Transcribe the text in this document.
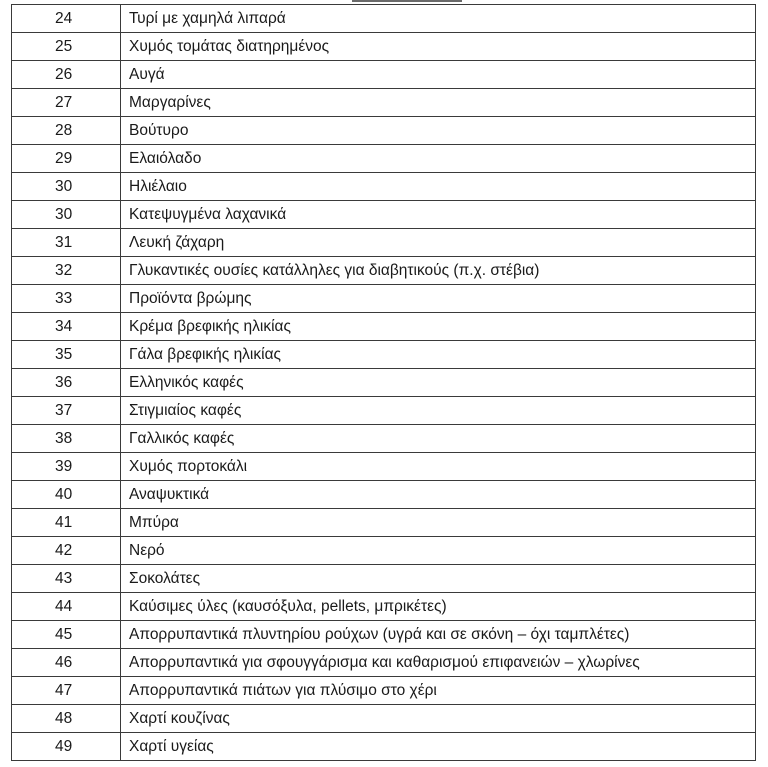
24	Τυρί με χαμηλά λιπαρά
25	Χυμός τομάτας διατηρημένος
26	Αυγά
27	Μαργαρίνες
28	Βούτυρο
29	Ελαιόλαδο
30	Ηλιέλαιο
30	Κατεψυγμένα λαχανικά
31	Λευκή ζάχαρη
32	Γλυκαντικές ουσίες κατάλληλες για διαβητικούς (π.χ. στέβια)
33	Προϊόντα βρώμης
34	Κρέμα βρεφικής ηλικίας
35	Γάλα βρεφικής ηλικίας
36	Ελληνικός καφές
37	Στιγμιαίος καφές
38	Γαλλικός καφές
39	Χυμός πορτοκάλι
40	Αναψυκτικά
41	Μπύρα
42	Νερό
43	Σοκολάτες
44	Καύσιμες ύλες (καυσόξυλα, pellets, μπρικέτες)
45	Απορρυπαντικά πλυντηρίου ρούχων (υγρά και σε σκόνη – όχι ταμπλέτες)
46	Απορρυπαντικά για σφουγγάρισμα και καθαρισμού επιφανειών – χλωρίνες
47	Απορρυπαντικά πιάτων για πλύσιμο στο χέρι
48	Χαρτί κουζίνας
49	Χαρτί υγείας
